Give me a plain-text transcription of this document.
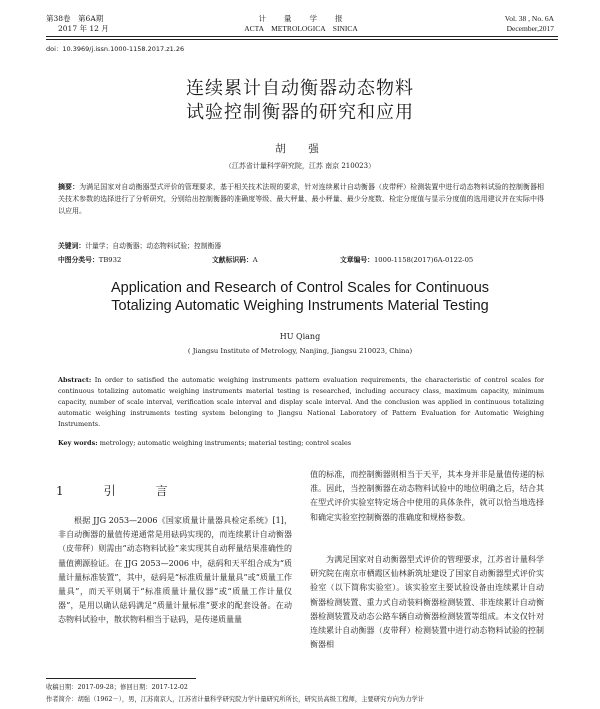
第38卷　第6A期
2017 年 12 月
计　　量　　学　　报
ACTA　METROLOGICA　SINICA
Vol. 38 , No. 6A
December,2017
doi：10.3969/j.issn.1000-1158.2017.z1.26
连续累计自动衡器动态物料
试验控制衡器的研究和应用
胡　强
（江苏省计量科学研究院，江苏 南京 210023）
摘要：为满足国家对自动衡器型式评价的管理要求，基于相关技术法规的要求，针对连续累计自动衡器（皮带秤）检测装置中进行动态物料试验的控制衡器相关技术参数的选择进行了分析研究，分别给出控制衡器的准确度等级、最大秤量、最小秤量、最少分度数、检定分度值与显示分度值的选用建议并在实际中得以应用。
关键词：计量学；自动衡器；动态物料试验；控制衡器
中图分类号：TB932	文献标识码：A	文章编号：1000-1158(2017)6A-0122-05
Application and Research of Control Scales for Continuous
Totalizing Automatic Weighing Instruments Material Testing
HU Qiang
( Jiangsu Institute of Metrology, Nanjing, Jiangsu 210023, China)
Abstract: In order to satisfied the automatic weighing instruments pattern evaluation requirements, the characteristic of control scales for continuous totalizing automatic weighing instruments material testing is researched, including accuracy class, maximum capacity, minimum capacity, number of scale interval, verification scale interval and display scale interval. And the conclusion was applied in continuous totalizing automatic weighing instruments testing system belonging to Jiangsu National Laboratory of Pattern Evaluation for Automatic Weighing Instruments.
Key words: metrology; automatic weighing instruments; material testing; control scales
1　引　言
根据 JJG 2053—2006《国家质量计量器具检定系统》[1]，非自动衡器的量值传递通常是用砝码实现的，而连续累计自动衡器（皮带秤）则需由“动态物料试验”来实现其自动秤量结果准确性的量值溯源验证。在 JJG 2053—2006 中，砝码和天平组合成为“质量计量标准装置”，其中，砝码是“标准质量计量量具”或“质量工作量具”，而天平则属于“标准质量计量仪器”或“质量工作计量仪器”，是用以确认砝码满足“质量计量标准”要求的配套设备。在动态物料试验中，散状物料相当于砝码，是传递质量量
值的标准，而控制衡器则相当于天平，其本身并非是量值传递的标准。因此，当控制衡器在动态物料试验中的地位明确之后，结合其在型式评价实验室特定场合中使用的具体条件，就可以恰当地选择和确定实验室控制衡器的准确度和规格参数。
为满足国家对自动衡器型式评价的管理要求，江苏省计量科学研究院在南京市栖霞区仙林新筑址建设了国家自动衡器型式评价实验室（以下简称实验室）。该实验室主要试验设备由连续累计自动衡器检测装置、重力式自动装料衡器检测装置、非连续累计自动衡器检测装置及动态公路车辆自动衡器检测装置等组成。本文仅针对连续累计自动衡器（皮带秤）检测装置中进行动态物料试验的控制衡器相
收稿日期：2017-09-28；修回日期：2017-12-02
作者简介：胡强（1962－），男，江苏南京人，江苏省计量科学研究院力学计量研究所所长，研究员高级工程师，主要研究方向为力学计
